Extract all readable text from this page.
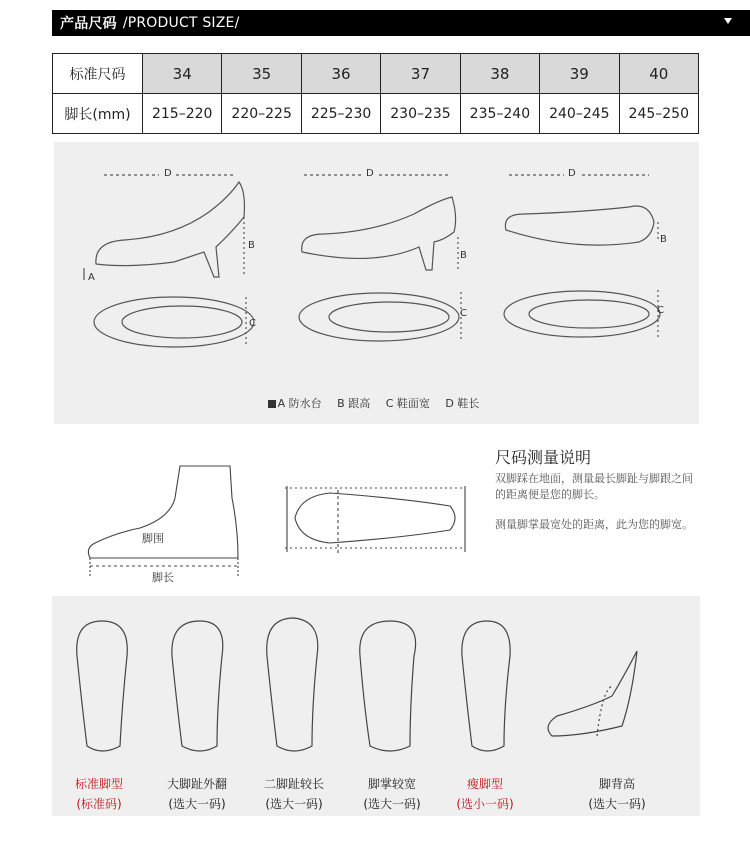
产品尺码 /PRODUCT SIZE/
标准尺码	34	35	36	37	38	39	40
脚长(mm)	215–220	220–225	225–230	230–235	235–240	240–245	245–250
D	D	D
B
B
B
A
C
C	C
A 防水台 B 跟高 C 鞋面宽 D 鞋长
脚围
脚长
尺码测量说明
双脚踩在地面，测量最长脚趾与脚跟之间的距离便是您的脚长。
测量脚掌最宽处的距离，此为您的脚宽。
标准脚型
(标准码)
大脚趾外翻
(选大一码)
二脚趾较长
(选大一码)
脚掌较宽
(选大一码)
瘦脚型
(选小一码)
脚背高
(选大一码)
